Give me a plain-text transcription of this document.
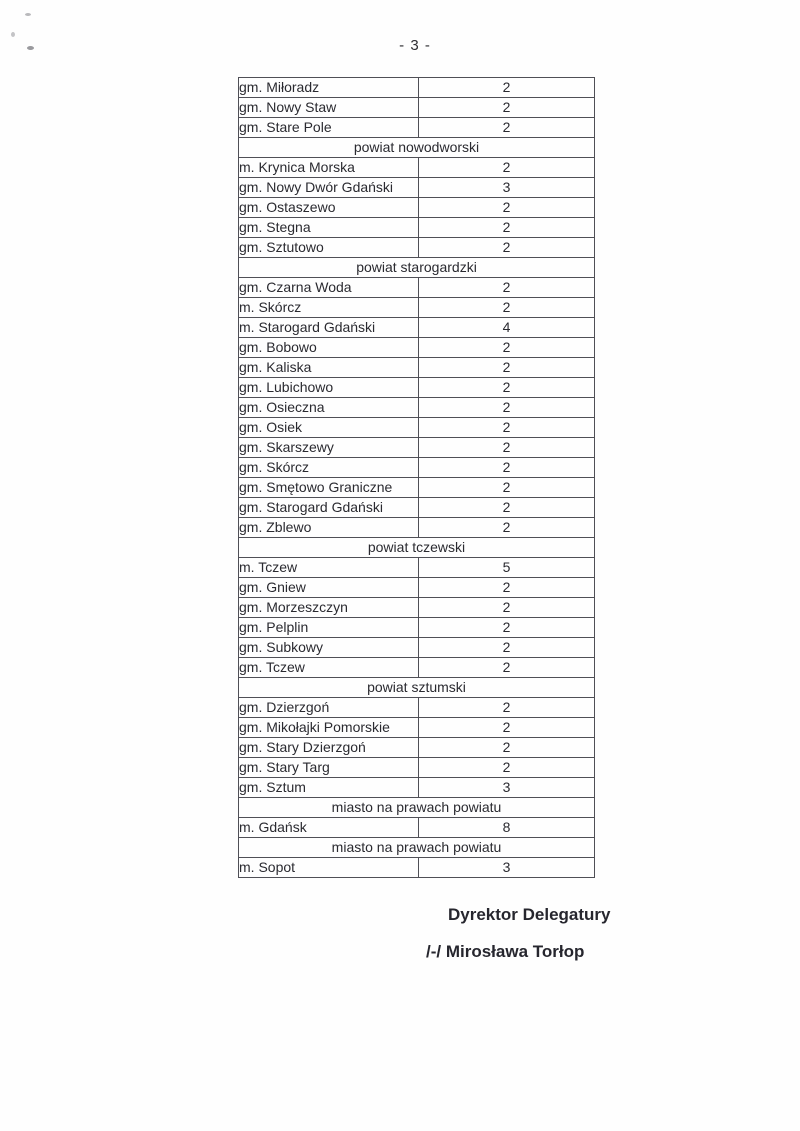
- 3 -
gm. Miłoradz	2
gm. Nowy Staw	2
gm. Stare Pole	2
powiat nowodworski	
m. Krynica Morska	2
gm. Nowy Dwór Gdański	3
gm. Ostaszewo	2
gm. Stegna	2
gm. Sztutowo	2
powiat starogardzki	
gm. Czarna Woda	2
m. Skórcz	2
m. Starogard Gdański	4
gm. Bobowo	2
gm. Kaliska	2
gm. Lubichowo	2
gm. Osieczna	2
gm. Osiek	2
gm. Skarszewy	2
gm. Skórcz	2
gm. Smętowo Graniczne	2
gm. Starogard Gdański	2
gm. Zblewo	2
powiat tczewski	
m. Tczew	5
gm. Gniew	2
gm. Morzeszczyn	2
gm. Pelplin	2
gm. Subkowy	2
gm. Tczew	2
powiat sztumski	
gm. Dzierzgoń	2
gm. Mikołajki Pomorskie	2
gm. Stary Dzierzgoń	2
gm. Stary Targ	2
gm. Sztum	3
miasto na prawach powiatu	
m. Gdańsk	8
miasto na prawach powiatu	
m. Sopot	3
Dyrektor Delegatury
/-/ Mirosława Torłop
